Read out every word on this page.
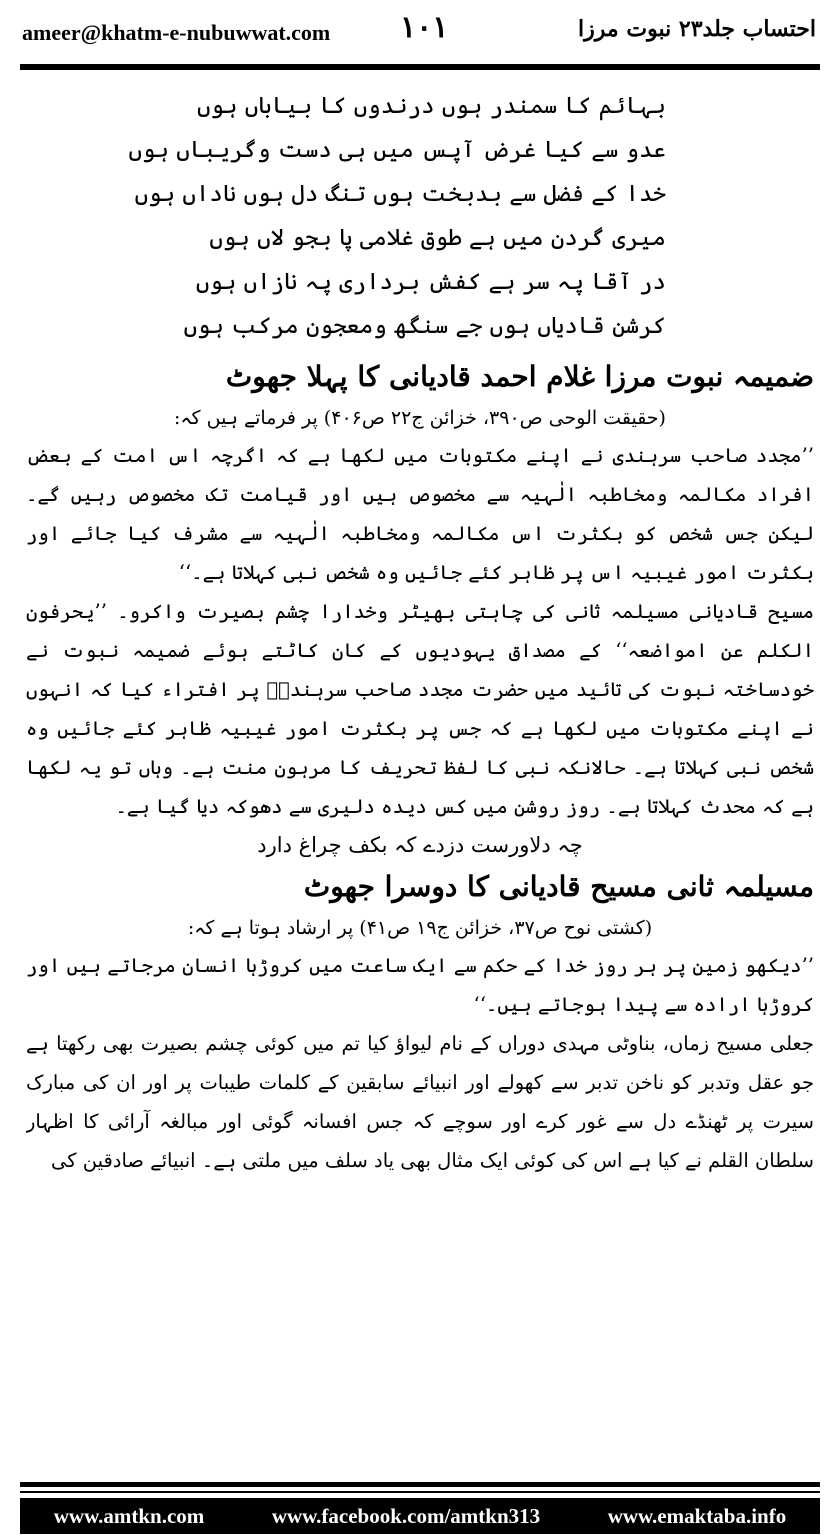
ameer@khatm-e-nubuwwat.com ۱۰۱	احتساب جلد۲۳ نبوت مرزا
بہائم کا سمندر ہوں درندوں کا بیاباں ہوں
عدو سے کیا غرض آپس میں ہی دست وگریباں ہوں
خدا کے فضل سے بدبخت ہوں تنگ دل ہوں ناداں ہوں
میری گردن میں ہے طوق غلامی پا بجو لاں ہوں
در آقا پہ سر ہے کفش برداری پہ نازاں ہوں
کرشن قادیاں ہوں جے سنگھ ومعجون مرکب ہوں
ضمیمہ نبوت مرزا غلام احمد قادیانی کا پہلا جھوٹ
(حقیقت الوحی ص۳۹۰، خزائن ج۲۲ ص۴۰۶) پر فرماتے ہیں کہ:

’’مجدد صاحب سرہندی نے اپنے مکتوبات میں لکھا ہے کہ اگرچہ اس امت کے بعض افراد مکالمہ ومخاطبہ الٰہیہ سے مخصوص ہیں اور قیامت تک مخصوص رہیں گے۔ لیکن جس شخص کو بکثرت اس مکالمہ ومخاطبہ الٰہیہ سے مشرف کیا جائے اور بکثرت امور غیبیہ اس پر ظاہر کئے جائیں وہ شخص نبی کہلاتا ہے۔‘‘

مسیح قادیانی مسیلمہ ثانی کی چاہتی بھیٹر وخدارا چشم بصیرت واکرو۔ ’’یحرفون الکلم عن امواضعہ‘‘ کے مصداق یہودیوں کے کان کاٹتے ہوئے ضمیمہ نبوت نے خودساختہ نبوت کی تائید میں حضرت مجدد صاحب سرہندیؒ پر افتراء کیا کہ انہوں نے اپنے مکتوبات میں لکھا ہے کہ جس پر بکثرت امور غیبیہ ظاہر کئے جائیں وہ شخص نبی کہلاتا ہے۔ حالانکہ نبی کا لفظ تحریف کا مرہون منت ہے۔ وہاں تو یہ لکھا ہے کہ محدث کہلاتا ہے۔ روز روشن میں کس دیدہ دلیری سے دھوکہ دیا گیا ہے۔

چہ دلاورست دزدے کہ بکف چراغ دارد
مسیلمہ ثانی مسیح قادیانی کا دوسرا جھوٹ
(کشتی نوح ص۳۷، خزائن ج۱۹ ص۴۱) پر ارشاد ہوتا ہے کہ:

’’دیکھو زمین پر ہر روز خدا کے حکم سے ایک ساعت میں کروڑہا انسان مرجاتے ہیں اور کروڑہا ارادہ سے پیدا ہوجاتے ہیں۔‘‘

جعلی مسیح زماں، بناوٹی مہدی دوراں کے نام لیواؤ کیا تم میں کوئی چشم بصیرت بھی رکھتا ہے جو عقل وتدبر کو ناخن تدبر سے کھولے اور انبیائے سابقین کے کلمات طیبات پر اور ان کی مبارک سیرت پر ٹھنڈے دل سے غور کرے اور سوچے کہ جس افسانہ گوئی اور مبالغہ آرائی کا اظہار سلطان القلم نے کیا ہے اس کی کوئی ایک مثال بھی یاد سلف میں ملتی ہے۔ انبیائے صادقین کی

www.amtkn.com	www.facebook.com/amtkn313	www.emaktaba.info
